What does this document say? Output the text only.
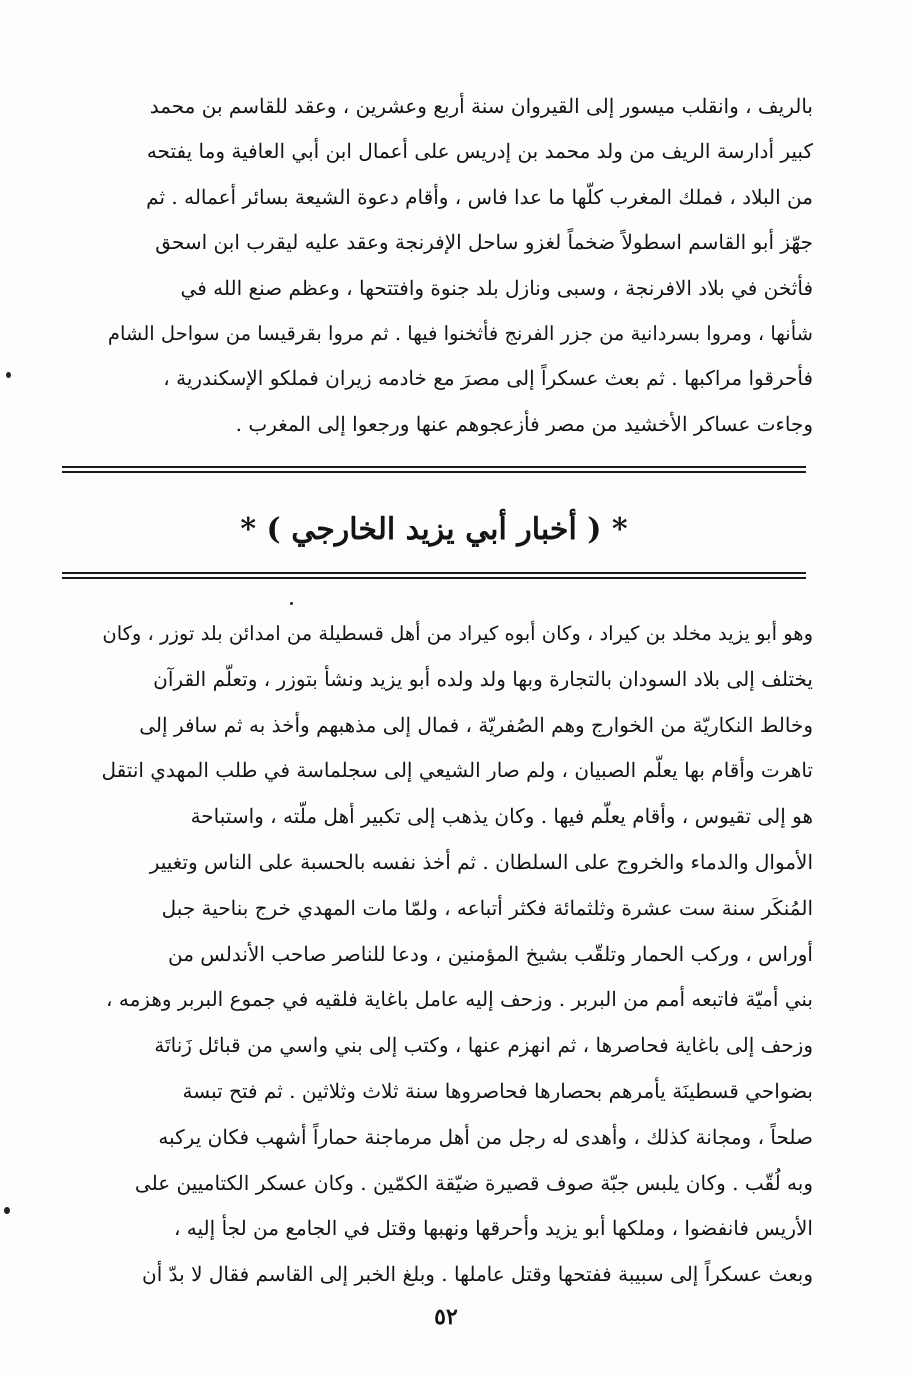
بالريف ، وانقلب ميسور إلى القيروان سنة أربع وعشرين ، وعقد للقاسم بن محمد
كبير أدارسة الريف من ولد محمد بن إدريس على أعمال ابن أبي العافية وما يفتحه
من البلاد ، فملك المغرب كلّها ما عدا فاس ، وأقام دعوة الشيعة بسائر أعماله . ثم
جهّز أبو القاسم اسطولاً ضخماً لغزو ساحل الإفرنجة وعقد عليه ليقرب ابن اسحق
فأثخن في بلاد الافرنجة ، وسبى ونازل بلد جنوة وافتتحها ، وعظم صنع الله في
شأنها ، ومروا بسردانية من جزر الفرنج فأثخنوا فيها . ثم مروا بقرقيسا من سواحل الشام
فأحرقوا مراكبها . ثم بعث عسكراً إلى مصرَ مع خادمه زيران فملكو الإسكندرية ،
وجاءت عساكر الأخشيد من مصر فأزعجوهم عنها ورجعوا إلى المغرب .
* ( أخبار أبي يزيد الخارجي ) *
وهو أبو يزيد مخلد بن كيراد ، وكان أبوه كيراد من أهل قسطيلة من امدائن بلد توزر ، وكان
يختلف إلى بلاد السودان بالتجارة وبها ولد ولده أبو يزيد ونشأ بتوزر ، وتعلّم القرآن
وخالط النكاريّة من الخوارج وهم الصُفريّة ، فمال إلى مذهبهم وأخذ به ثم سافر إلى
تاهرت وأقام بها يعلّم الصبيان ، ولم صار الشيعي إلى سجلماسة في طلب المهدي انتقل
هو إلى تقيوس ، وأقام يعلّم فيها . وكان يذهب إلى تكبير أهل ملّته ، واستباحة
الأموال والدماء والخروج على السلطان . ثم أخذ نفسه بالحسبة على الناس وتغيير
المُنكَر سنة ست عشرة وثلثمائة فكثر أتباعه ، ولمّا مات المهدي خرج بناحية جبل
أوراس ، وركب الحمار وتلقّب بشيخ المؤمنين ، ودعا للناصر صاحب الأندلس من
بني أميّة فاتبعه أمم من البربر . وزحف إليه عامل باغاية فلقيه في جموع البربر وهزمه ،
وزحف إلى باغاية فحاصرها ، ثم انهزم عنها ، وكتب إلى بني واسي من قبائل زَناتَة
بضواحي قسطينَة يأمرهم بحصارها فحاصروها سنة ثلاث وثلاثين . ثم فتح تبسة
صلحاً ، ومجانة كذلك ، وأهدى له رجل من أهل مرماجنة حماراً أشهب فكان يركبه
وبه لُقّب . وكان يلبس جبّة صوف قصيرة ضيّقة الكمّين . وكان عسكر الكتاميين على
الأريس فانفضوا ، وملكها أبو يزيد وأحرقها ونهبها وقتل في الجامع من لجأ إليه ،
وبعث عسكراً إلى سبيبة ففتحها وقتل عاملها . وبلغ الخبر إلى القاسم فقال لا بدّ أن
٥٢
